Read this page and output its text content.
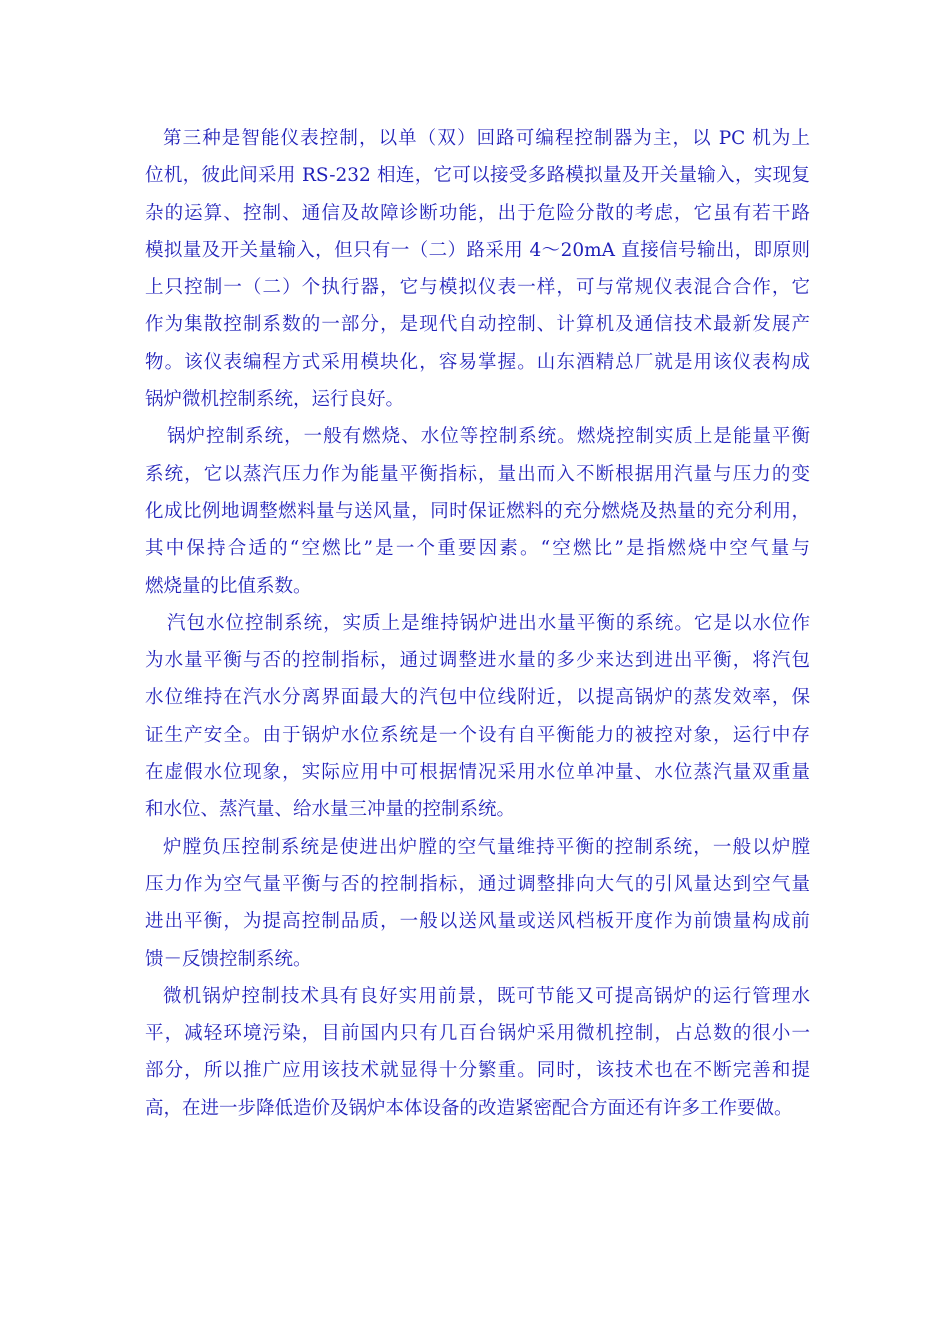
第三种是智能仪表控制，以单（双）回路可编程控制器为主，以 PC 机为上
位机，彼此间采用 RS-232 相连，它可以接受多路模拟量及开关量输入，实现复
杂的运算、控制、通信及故障诊断功能，出于危险分散的考虑，它虽有若干路
模拟量及开关量输入，但只有一（二）路采用 4～20mA 直接信号输出，即原则
上只控制一（二）个执行器，它与模拟仪表一样，可与常规仪表混合合作，它
作为集散控制系数的一部分，是现代自动控制、计算机及通信技术最新发展产
物。该仪表编程方式采用模块化，容易掌握。山东酒精总厂就是用该仪表构成
锅炉微机控制系统，运行良好。
锅炉控制系统，一般有燃烧、水位等控制系统。燃烧控制实质上是能量平衡
系统，它以蒸汽压力作为能量平衡指标，量出而入不断根据用汽量与压力的变
化成比例地调整燃料量与送风量，同时保证燃料的充分燃烧及热量的充分利用，
其中保持合适的“空燃比”是一个重要因素。“空燃比”是指燃烧中空气量与
燃烧量的比值系数。
汽包水位控制系统，实质上是维持锅炉进出水量平衡的系统。它是以水位作
为水量平衡与否的控制指标，通过调整进水量的多少来达到进出平衡，将汽包
水位维持在汽水分离界面最大的汽包中位线附近，以提高锅炉的蒸发效率，保
证生产安全。由于锅炉水位系统是一个设有自平衡能力的被控对象，运行中存
在虚假水位现象，实际应用中可根据情况采用水位单冲量、水位蒸汽量双重量
和水位、蒸汽量、给水量三冲量的控制系统。
炉膛负压控制系统是使进出炉膛的空气量维持平衡的控制系统，一般以炉膛
压力作为空气量平衡与否的控制指标，通过调整排向大气的引风量达到空气量
进出平衡，为提高控制品质，一般以送风量或送风档板开度作为前馈量构成前
馈－反馈控制系统。
微机锅炉控制技术具有良好实用前景，既可节能又可提高锅炉的运行管理水
平，减轻环境污染，目前国内只有几百台锅炉采用微机控制，占总数的很小一
部分，所以推广应用该技术就显得十分繁重。同时，该技术也在不断完善和提
高，在进一步降低造价及锅炉本体设备的改造紧密配合方面还有许多工作要做。
